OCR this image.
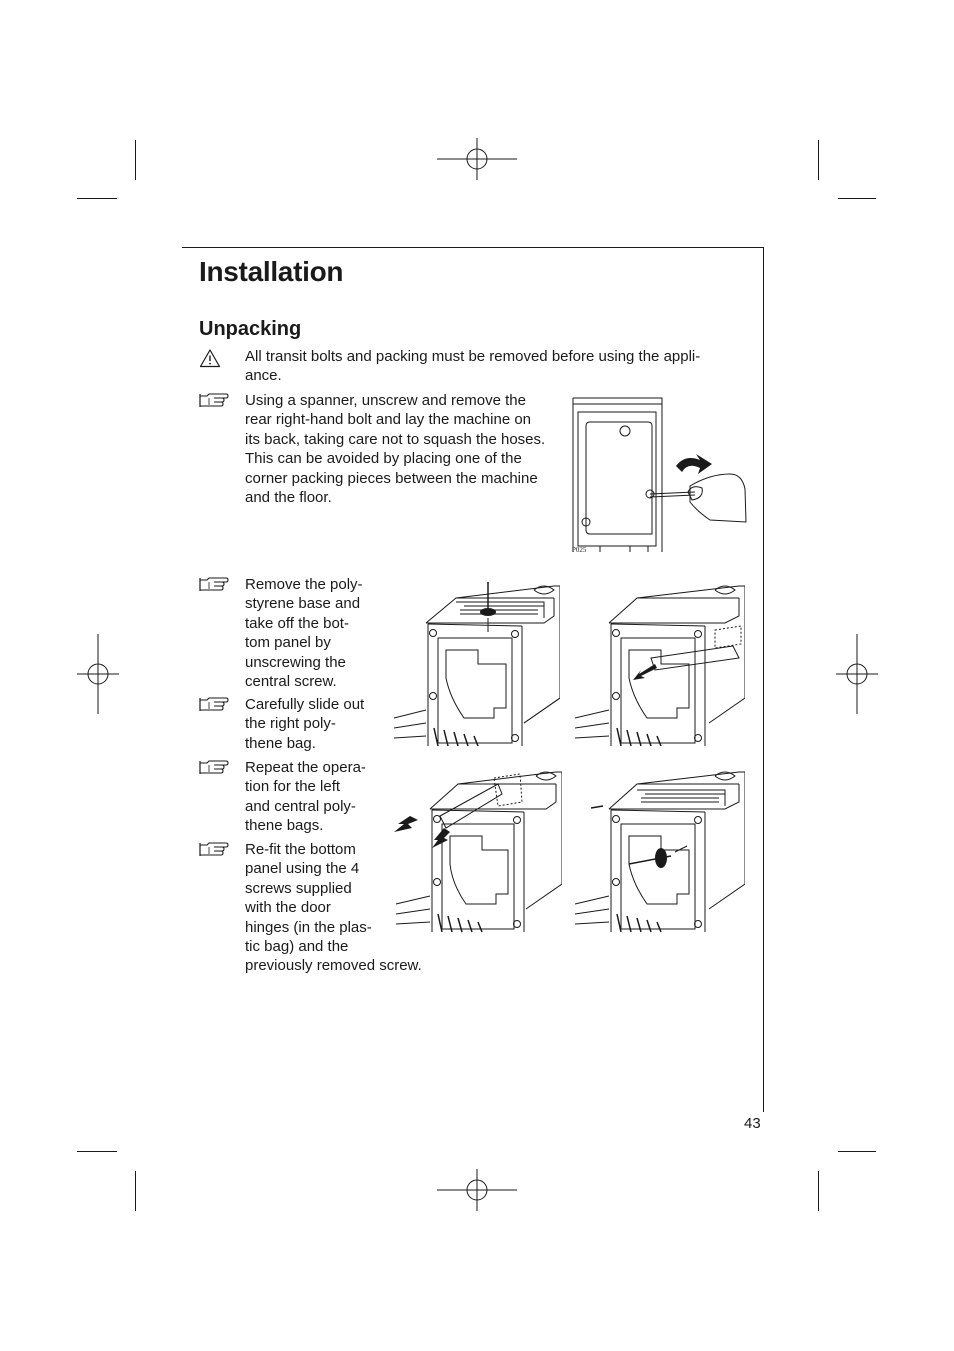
Installation
Unpacking
All transit bolts and packing must be removed before using the appli-
ance.
Using a spanner, unscrew and remove the
rear right-hand bolt and lay the machine on
its back, taking care not to squash the hoses.
This can be avoided by placing one of the
corner packing pieces between the machine
and the floor.
P025
Remove the poly-
styrene base and
take off the bot-
tom panel by
unscrewing the
central screw.
Carefully slide out
the right poly-
thene bag.
Repeat the opera-
tion for the left
and central poly-
thene bags.
Re-fit the bottom
panel using the 4
screws supplied
with the door
hinges (in the plas-
tic bag) and the
previously removed screw.
43
